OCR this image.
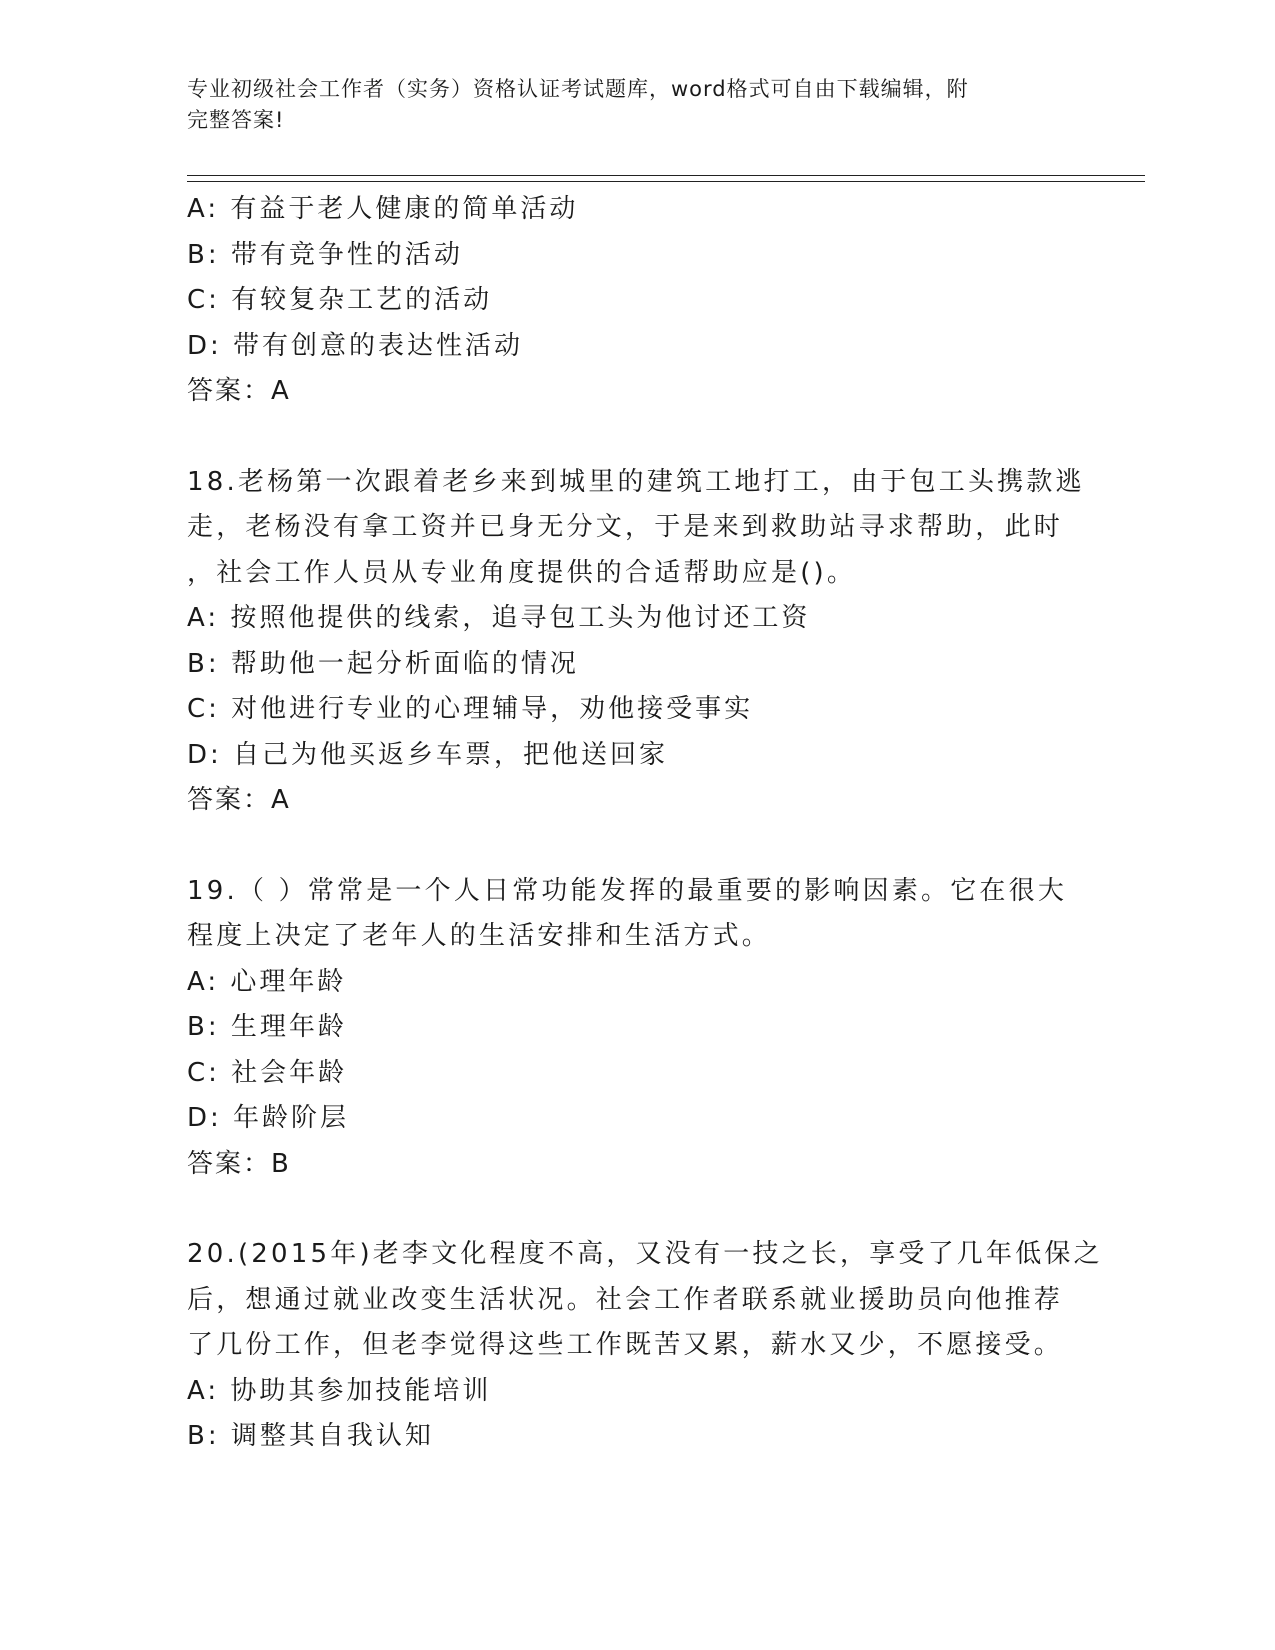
专业初级社会工作者（实务）资格认证考试题库，word格式可自由下载编辑，附
完整答案!
A: 有益于老人健康的简单活动
B: 带有竞争性的活动
C: 有较复杂工艺的活动
D: 带有创意的表达性活动
答案：A
18.老杨第一次跟着老乡来到城里的建筑工地打工，由于包工头携款逃
走，老杨没有拿工资并已身无分文，于是来到救助站寻求帮助，此时
，社会工作人员从专业角度提供的合适帮助应是()。
A: 按照他提供的线索，追寻包工头为他讨还工资
B: 帮助他一起分析面临的情况
C: 对他进行专业的心理辅导，劝他接受事实
D: 自己为他买返乡车票，把他送回家
答案：A
19.（ ）常常是一个人日常功能发挥的最重要的影响因素。它在很大
程度上决定了老年人的生活安排和生活方式。
A: 心理年龄
B: 生理年龄
C: 社会年龄
D: 年龄阶层
答案：B
20.(2015年)老李文化程度不高，又没有一技之长，享受了几年低保之
后，想通过就业改变生活状况。社会工作者联系就业援助员向他推荐
了几份工作，但老李觉得这些工作既苦又累，薪水又少，不愿接受。
A: 协助其参加技能培训
B: 调整其自我认知
